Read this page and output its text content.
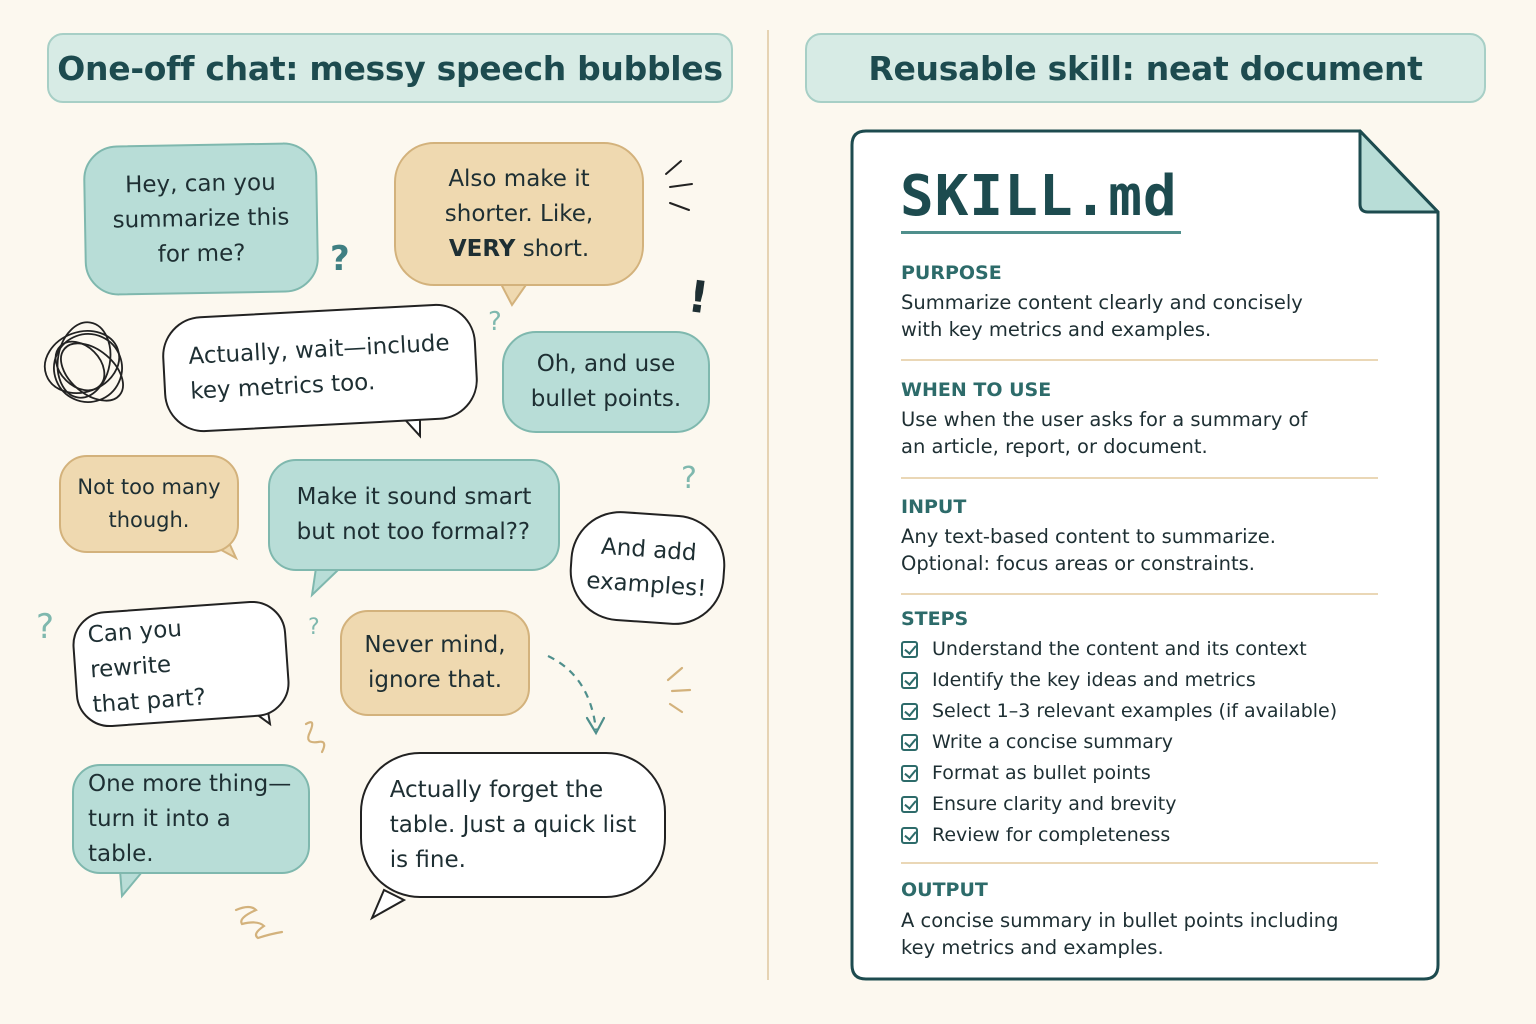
One-off chat: messy speech bubbles	Reusable skill: neat document
?
?	!
?
?	?
Hey, can you
summarize this
for me?
Also make it
shorter. Like,
VERY short.
Actually, wait—include
key metrics too.
Oh, and use
bullet points.
Not too many
though.
Make it sound smart
but not too formal??
And add
examples!
Can you rewrite
that part?
Never mind,
ignore that.
One more thing—
turn it into a table.
Actually forget the
table. Just a quick list
is fine.
SKILL.md
PURPOSE
Summarize content clearly and concisely
with key metrics and examples.
WHEN TO USE
Use when the user asks for a summary of
an article, report, or document.
INPUT
Any text-based content to summarize.
Optional: focus areas or constraints.
STEPS
Understand the content and its context
Identify the key ideas and metrics
Select 1–3 relevant examples (if available)
Write a concise summary
Format as bullet points
Ensure clarity and brevity
Review for completeness
OUTPUT
A concise summary in bullet points including
key metrics and examples.
